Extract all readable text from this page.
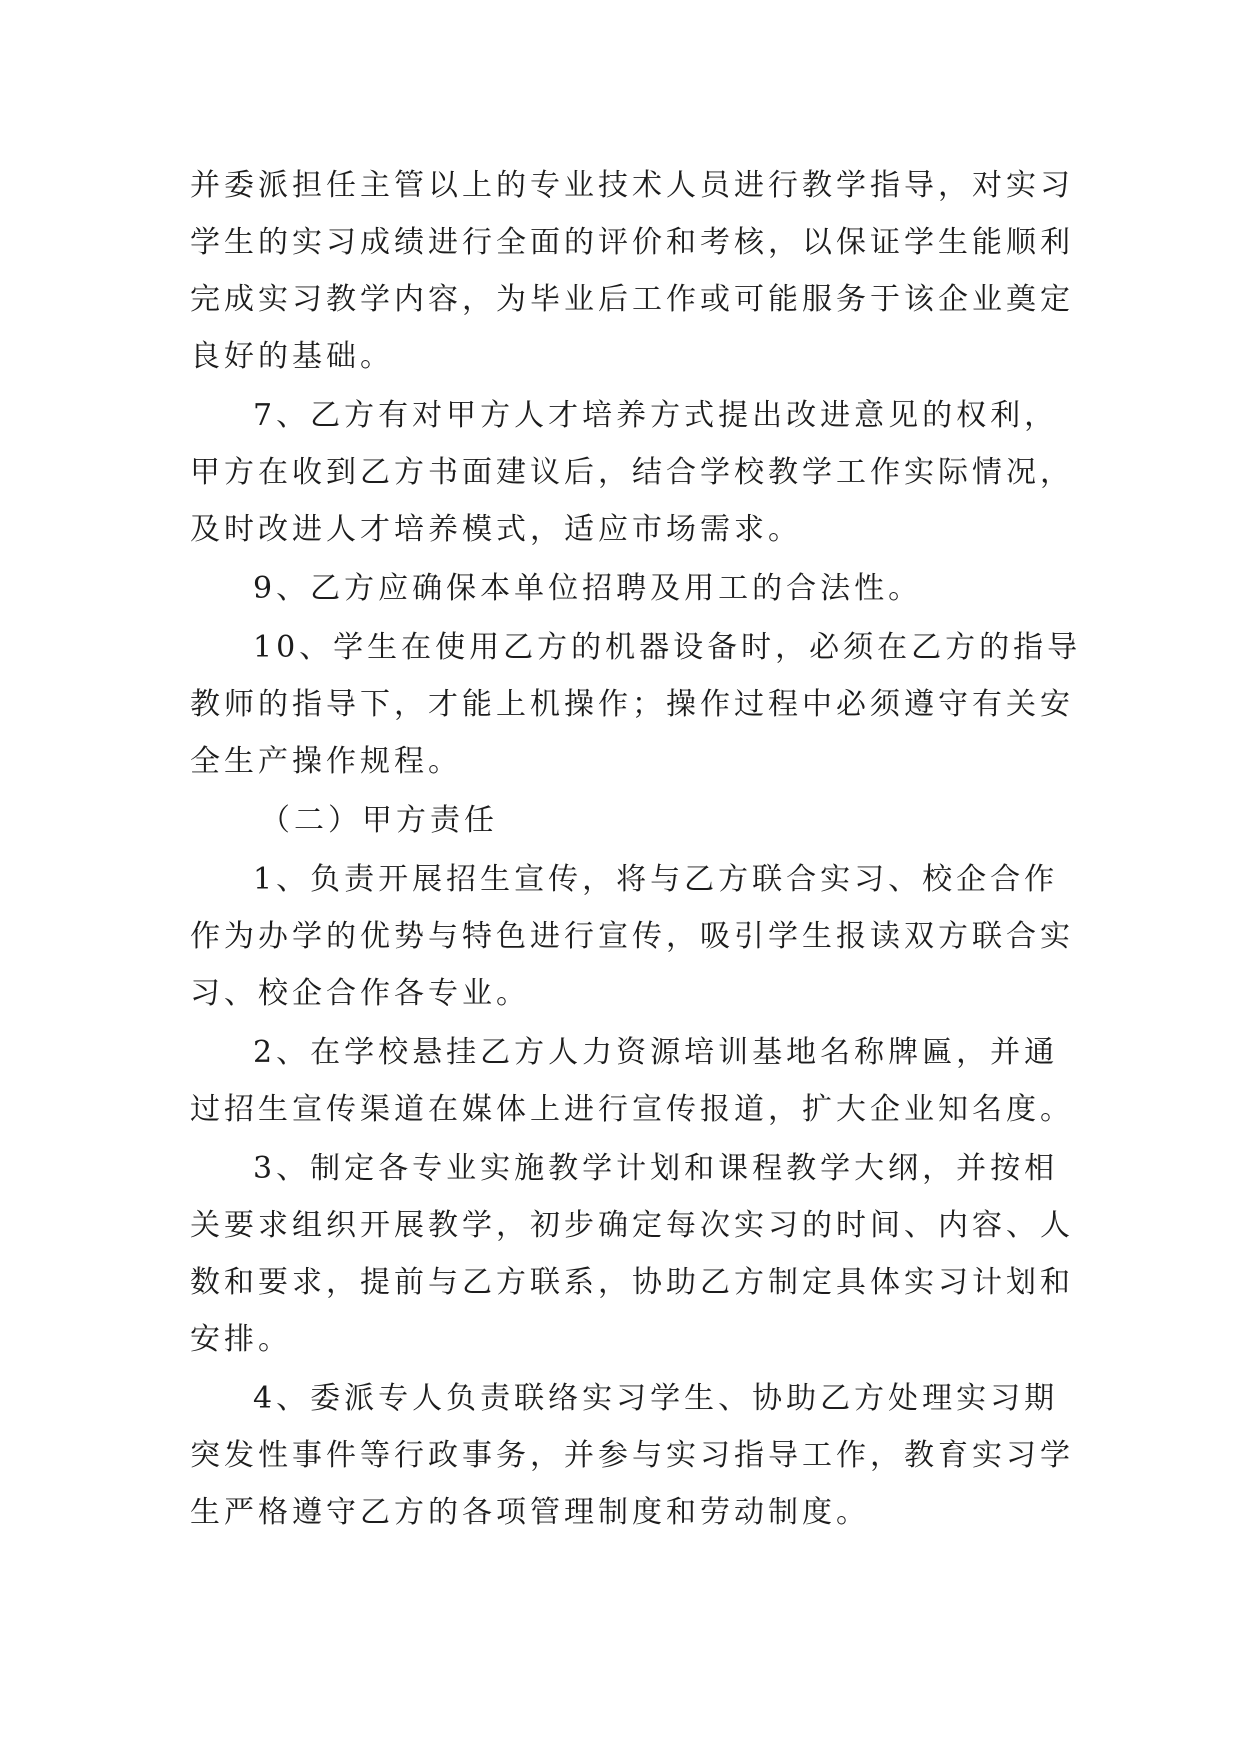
并委派担任主管以上的专业技术人员进行教学指导，对实习
学生的实习成绩进行全面的评价和考核，以保证学生能顺利
完成实习教学内容，为毕业后工作或可能服务于该企业奠定
良好的基础。
7、乙方有对甲方人才培养方式提出改进意见的权利，
甲方在收到乙方书面建议后，结合学校教学工作实际情况，
及时改进人才培养模式，适应市场需求。
9、乙方应确保本单位招聘及用工的合法性。
10、学生在使用乙方的机器设备时，必须在乙方的指导
教师的指导下，才能上机操作；操作过程中必须遵守有关安
全生产操作规程。
（二）甲方责任
1、负责开展招生宣传，将与乙方联合实习、校企合作
作为办学的优势与特色进行宣传，吸引学生报读双方联合实
习、校企合作各专业。
2、在学校悬挂乙方人力资源培训基地名称牌匾，并通
过招生宣传渠道在媒体上进行宣传报道，扩大企业知名度。
3、制定各专业实施教学计划和课程教学大纲，并按相
关要求组织开展教学，初步确定每次实习的时间、内容、人
数和要求，提前与乙方联系，协助乙方制定具体实习计划和
安排。
4、委派专人负责联络实习学生、协助乙方处理实习期
突发性事件等行政事务，并参与实习指导工作，教育实习学
生严格遵守乙方的各项管理制度和劳动制度。
